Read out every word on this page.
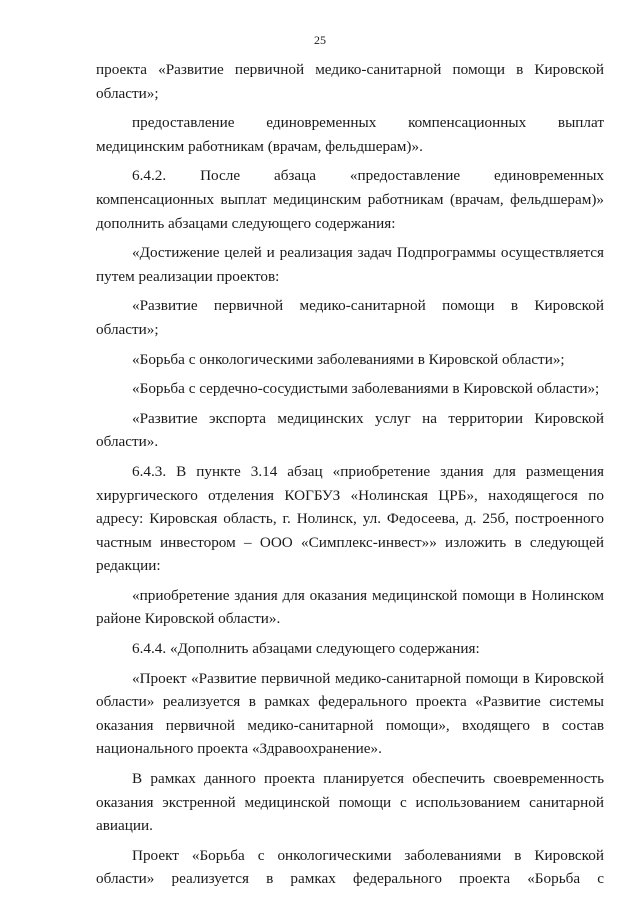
25

проекта «Развитие первичной медико-санитарной помощи в Кировской области»;

предоставление единовременных компенсационных выплат медицинским работникам (врачам, фельдшерам)».

6.4.2. После абзаца «предоставление единовременных компенсационных выплат медицинским работникам (врачам, фельдшерам)» дополнить абзацами следующего содержания:

«Достижение целей и реализация задач Подпрограммы осуществляется путем реализации проектов:

«Развитие первичной медико-санитарной помощи в Кировской области»;

«Борьба с онкологическими заболеваниями в Кировской области»;

«Борьба с сердечно-сосудистыми заболеваниями в Кировской области»;

«Развитие экспорта медицинских услуг на территории Кировской области».

6.4.3. В пункте 3.14 абзац «приобретение здания для размещения хирургического отделения КОГБУЗ «Нолинская ЦРБ», находящегося по адресу: Кировская область, г. Нолинск, ул. Федосеева, д. 25б, построенного частным инвестором – ООО «Симплекс-инвест»» изложить в следующей редакции:

«приобретение здания для оказания медицинской помощи в Нолинском районе Кировской области».

6.4.4. «Дополнить абзацами следующего содержания:

«Проект «Развитие первичной медико-санитарной помощи в Кировской области» реализуется в рамках федерального проекта «Развитие системы оказания первичной медико-санитарной помощи», входящего в состав национального проекта «Здравоохранение».

В рамках данного проекта планируется обеспечить своевременность оказания экстренной медицинской помощи с использованием санитарной авиации.

Проект «Борьба с онкологическими заболеваниями в Кировской области» реализуется в рамках федерального проекта «Борьба с
